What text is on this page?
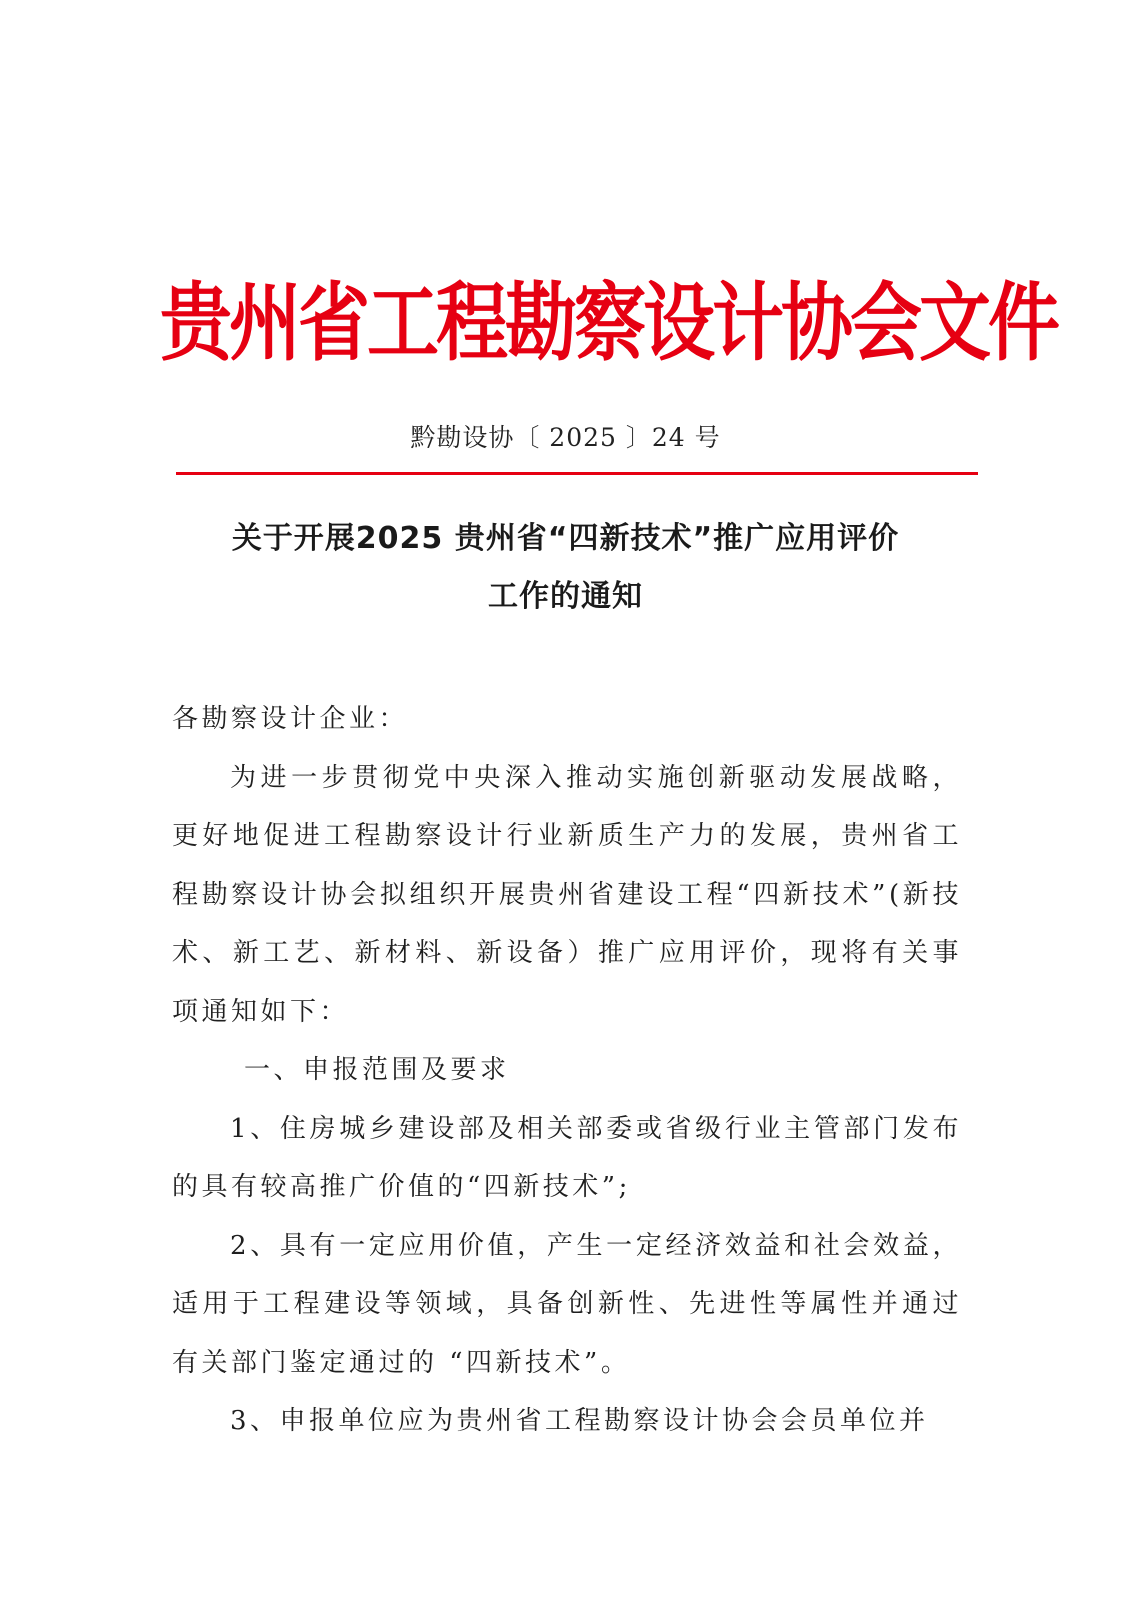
贵州省工程勘察设计协会文件
黔勘设协〔 2025 〕24 号
关于开展2025 贵州省“四新技术”推广应用评价
工作的通知

各勘察设计企业：

为进一步贯彻党中央深入推动实施创新驱动发展战略，更好地促进工程勘察设计行业新质生产力的发展，贵州省工程勘察设计协会拟组织开展贵州省建设工程“四新技术”(新技术、新工艺、新材料、新设备）推广应用评价，现将有关事项通知如下：

一、申报范围及要求

1、住房城乡建设部及相关部委或省级行业主管部门发布的具有较高推广价值的“四新技术”;

2、具有一定应用价值，产生一定经济效益和社会效益，适用于工程建设等领域，具备创新性、先进性等属性并通过有关部门鉴定通过的 “四新技术”。

3、申报单位应为贵州省工程勘察设计协会会员单位并
